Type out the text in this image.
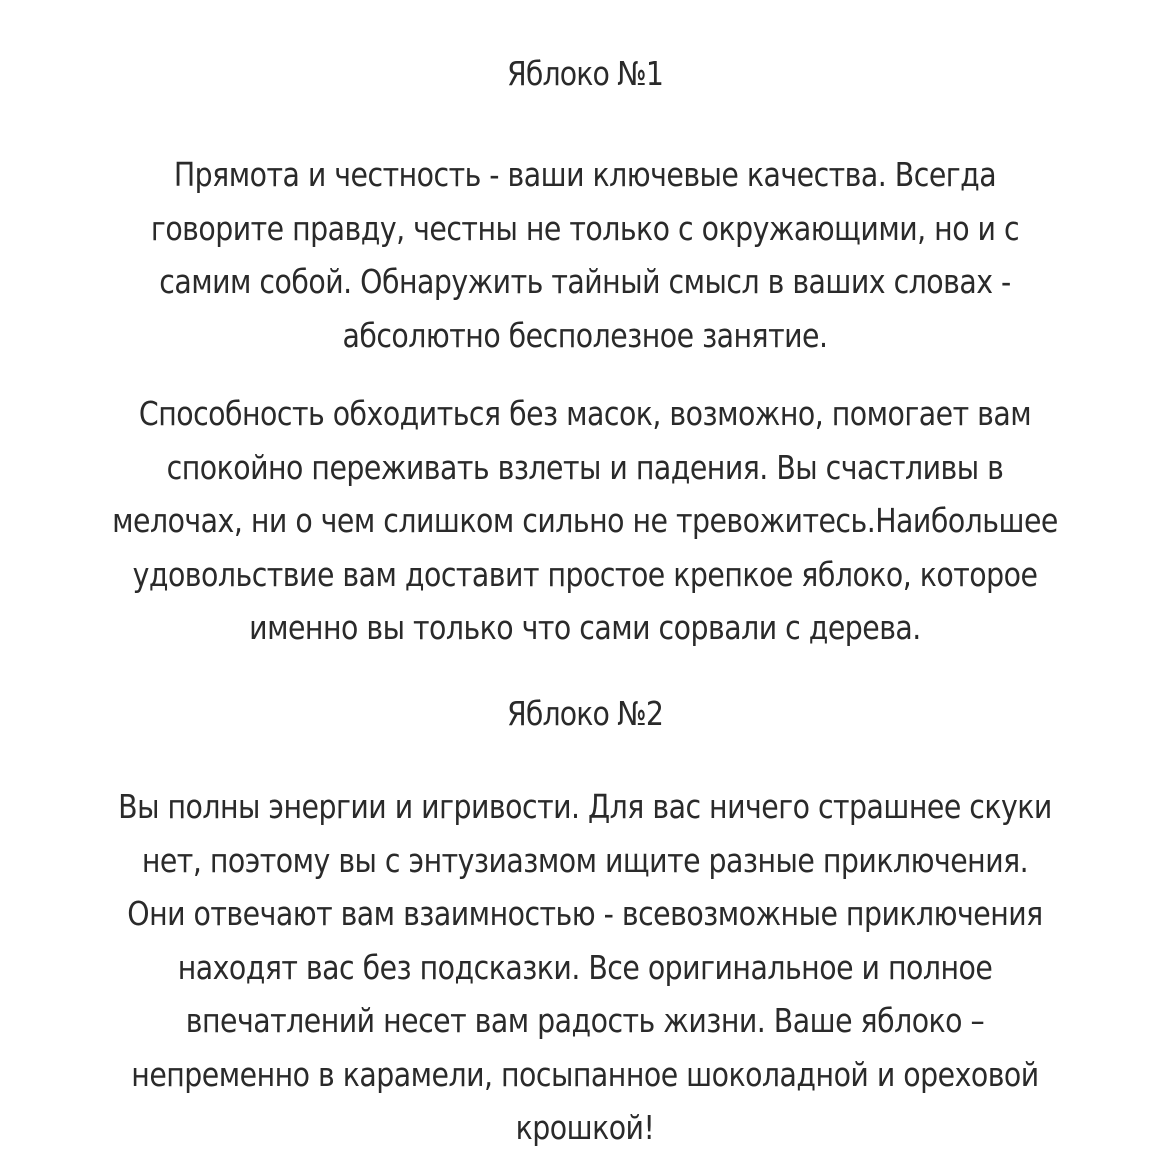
Яблоко №1
Прямота и честность - ваши ключевые качества. Всегда
говорите правду, честны не только с окружающими, но и с
самим собой. Обнаружить тайный смысл в ваших словах -
абсолютно бесполезное занятие.
Способность обходиться без масок, возможно, помогает вам
спокойно переживать взлеты и падения. Вы счастливы в
мелочах, ни о чем слишком сильно не тревожитесь.Наибольшее
удовольствие вам доставит простое крепкое яблоко, которое
именно вы только что сами сорвали с дерева.
Яблоко №2
Вы полны энергии и игривости. Для вас ничего страшнее скуки
нет, поэтому вы с энтузиазмом ищите разные приключения.
Они отвечают вам взаимностью - всевозможные приключения
находят вас без подсказки. Все оригинальное и полное
впечатлений несет вам радость жизни. Ваше яблоко –
непременно в карамели, посыпанное шоколадной и ореховой
крошкой!
